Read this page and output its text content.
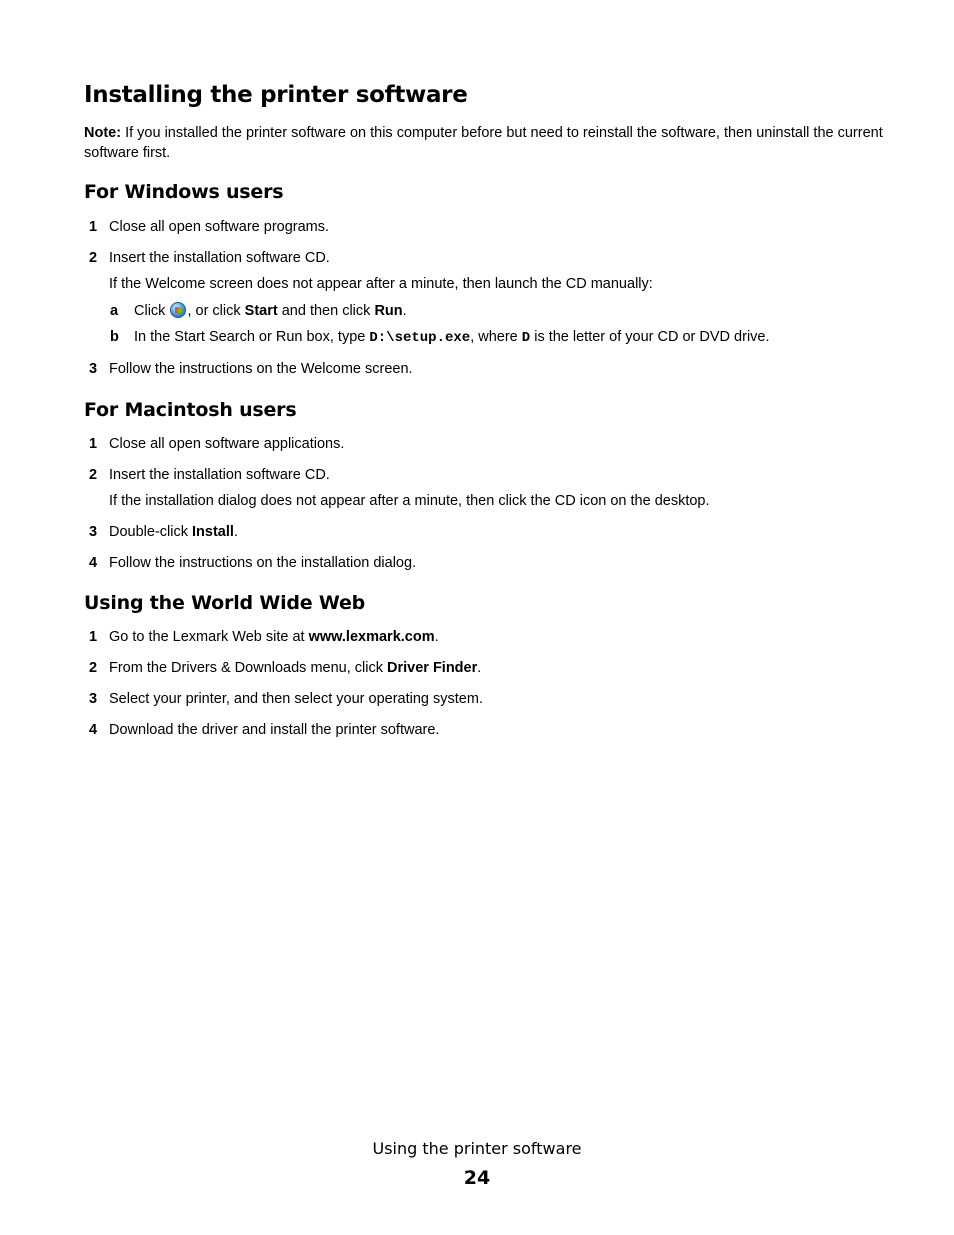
Installing the printer software

Note: If you installed the printer software on this computer before but need to reinstall the software, then uninstall the current software first.

For Windows users
1 Close all open software programs.
2 Insert the installation software CD.
If the Welcome screen does not appear after a minute, then launch the CD manually:
a Click
, or click Start and then click Run.
b In the Start Search or Run box, type D:\setup.exe, where D is the letter of your CD or DVD drive.
3 Follow the instructions on the Welcome screen.
For Macintosh users
1 Close all open software applications.
2 Insert the installation software CD.
If the installation dialog does not appear after a minute, then click the CD icon on the desktop.
3 Double-click Install.
4 Follow the instructions on the installation dialog.
Using the World Wide Web
1 Go to the Lexmark Web site at www.lexmark.com.
2 From the Drivers & Downloads menu, click Driver Finder.
3 Select your printer, and then select your operating system.
4 Download the driver and install the printer software.
Using the printer software
24
